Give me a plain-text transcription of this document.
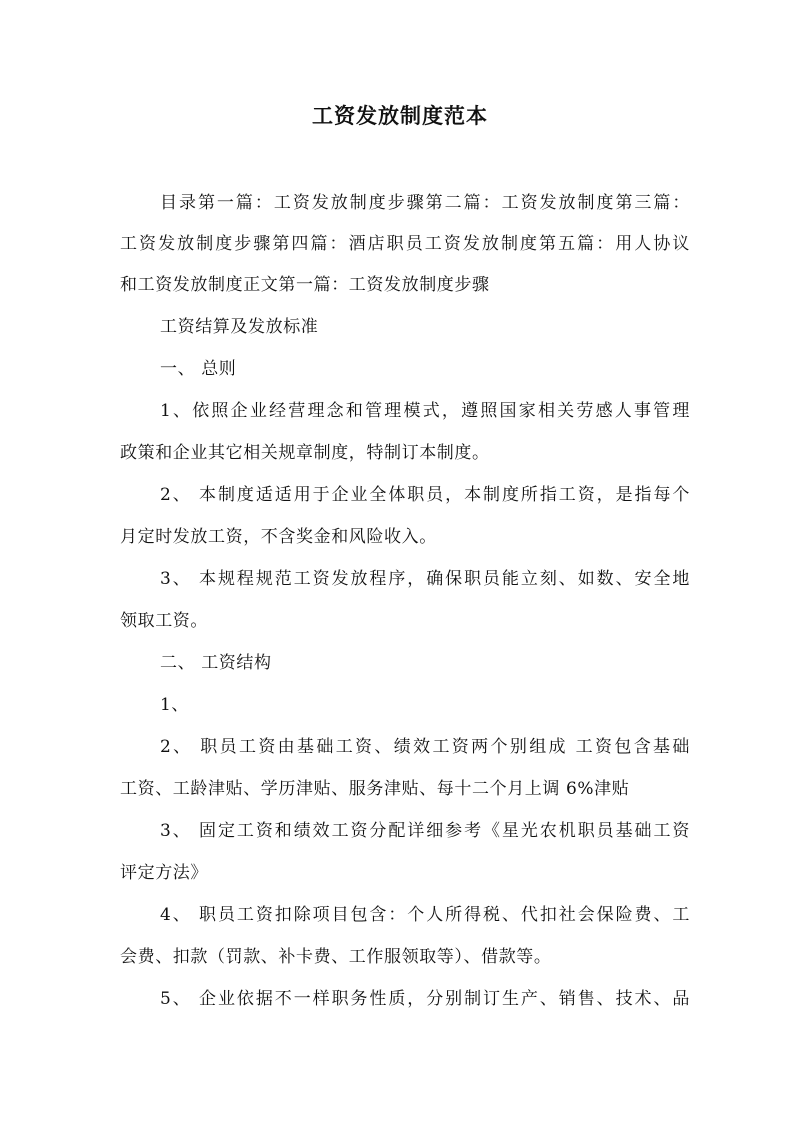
工资发放制度范本
目录第一篇：工资发放制度步骤第二篇：工资发放制度第三篇：
工资发放制度步骤第四篇：酒店职员工资发放制度第五篇：用人协议
和工资发放制度正文第一篇：工资发放制度步骤
工资结算及发放标准
一、 总则
1、依照企业经营理念和管理模式，遵照国家相关劳感人事管理
政策和企业其它相关规章制度，特制订本制度。
2、 本制度适适用于企业全体职员，本制度所指工资，是指每个
月定时发放工资，不含奖金和风险收入。
3、 本规程规范工资发放程序，确保职员能立刻、如数、安全地
领取工资。
二、 工资结构
1、
2、 职员工资由基础工资、绩效工资两个别组成 工资包含基础
工资、工龄津贴、学历津贴、服务津贴、每十二个月上调 6%津贴
3、 固定工资和绩效工资分配详细参考《星光农机职员基础工资
评定方法》
4、 职员工资扣除项目包含：个人所得税、代扣社会保险费、工
会费、扣款（罚款、补卡费、工作服领取等）、借款等。
5、 企业依据不一样职务性质，分别制订生产、销售、技术、品
